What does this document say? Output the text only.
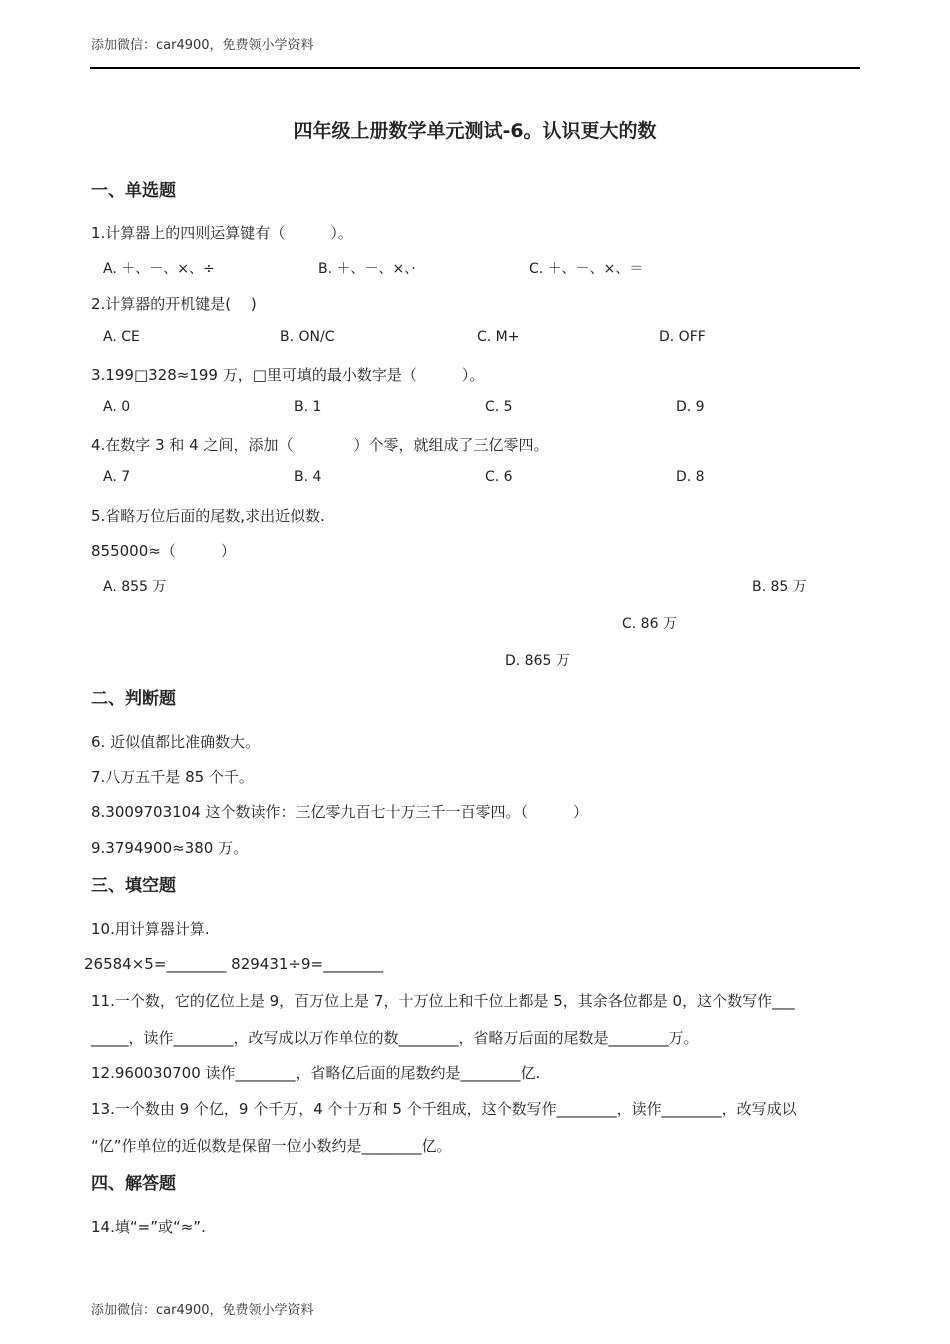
添加微信：car4900，免费领小学资料
四年级上册数学单元测试-6。认识更大的数
一、单选题
1.计算器上的四则运算键有（　　　）。
A. ＋、－、×、÷	B. ＋、－、×、·	C. ＋、－、×、＝
2.计算器的开机键是(　 )
A. CE	B. ON/C	C. M+	D. OFF
3.199□328≈199 万，□里可填的最小数字是（　　　）。
A. 0	B. 1	C. 5	D. 9
4.在数字 3 和 4 之间，添加（　　　　）个零，就组成了三亿零四。
A. 7	B. 4	C. 6	D. 8
5.省略万位后面的尾数,求出近似数.
855000≈（　　　）
A. 855 万	B. 85 万
C. 86 万
D. 865 万
二、判断题
6. 近似值都比准确数大。
7.八万五千是 85 个千。
8.3009703104 这个数读作：三亿零九百七十万三千一百零四。（　　　）
9.3794900≈380 万。
三、填空题
10.用计算器计算.
26584×5=________ 829431÷9=________
11.一个数，它的亿位上是 9，百万位上是 7，十万位上和千位上都是 5，其余各位都是 0，这个数写作___
_____，读作________，改写成以万作单位的数________，省略万后面的尾数是________万。
12.960030700 读作________，省略亿后面的尾数约是________亿.
13.一个数由 9 个亿，9 个千万，4 个十万和 5 个千组成，这个数写作________，读作________，改写成以
“亿”作单位的近似数是保留一位小数约是________亿。
四、解答题
14.填“=”或“≈”.
添加微信：car4900，免费领小学资料
